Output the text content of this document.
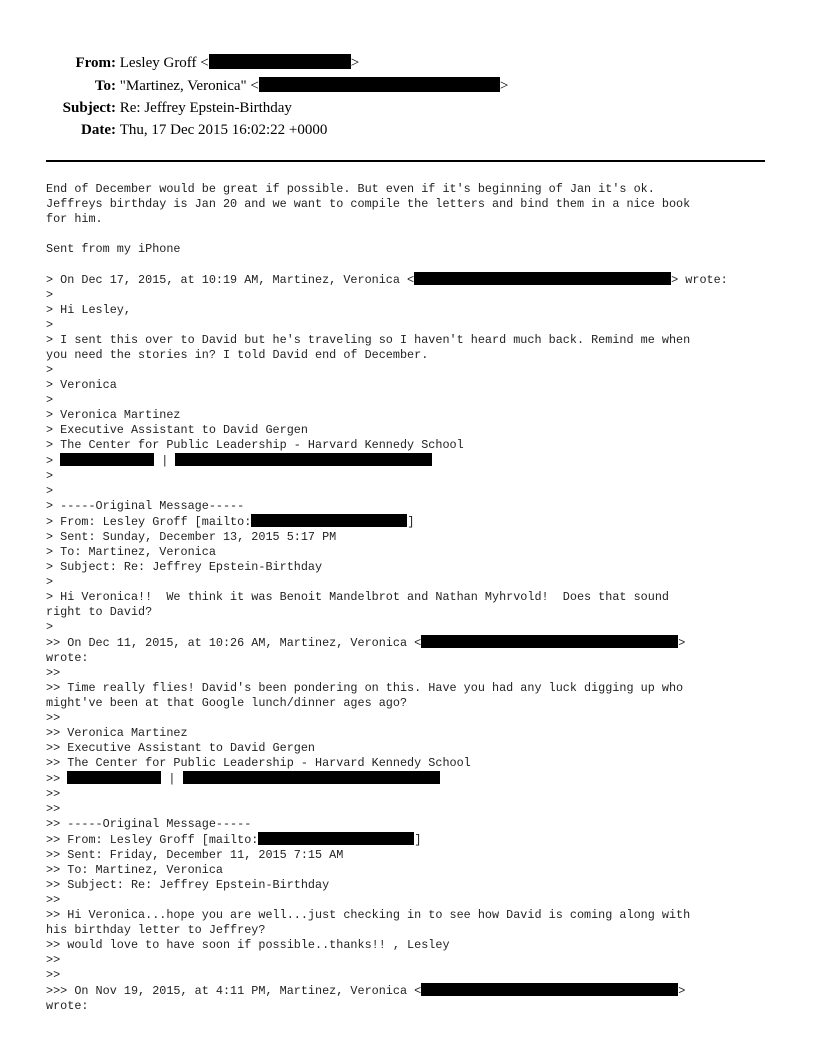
From: Lesley Groff <	>
To: "Martinez, Veronica" <	>
Subject: Re: Jeffrey Epstein-Birthday
Date: Thu, 17 Dec 2015 16:02:22 +0000
End of December would be great if possible. But even if it's beginning of Jan it's ok.
Jeffreys birthday is Jan 20 and we want to compile the letters and bind them in a nice book
for him.

Sent from my iPhone

> On Dec 17, 2015, at 10:19 AM, Martinez, Veronica <	> wrote:
>
> Hi Lesley,
>
> I sent this over to David but he's traveling so I haven't heard much back. Remind me when
you need the stories in? I told David end of December.
>
> Veronica
>
> Veronica Martinez
> Executive Assistant to David Gergen
> The Center for Public Leadership - Harvard Kennedy School
>	|
>
>
> -----Original Message-----
> From: Lesley Groff [mailto:	]
> Sent: Sunday, December 13, 2015 5:17 PM
> To: Martinez, Veronica
> Subject: Re: Jeffrey Epstein-Birthday
>
> Hi Veronica!!  We think it was Benoit Mandelbrot and Nathan Myhrvold!  Does that sound
right to David?
>
>> On Dec 11, 2015, at 10:26 AM, Martinez, Veronica <	>
wrote:
>>
>> Time really flies! David's been pondering on this. Have you had any luck digging up who
might've been at that Google lunch/dinner ages ago?
>>
>> Veronica Martinez
>> Executive Assistant to David Gergen
>> The Center for Public Leadership - Harvard Kennedy School
>>	|
>>
>>
>> -----Original Message-----
>> From: Lesley Groff [mailto:	]
>> Sent: Friday, December 11, 2015 7:15 AM
>> To: Martinez, Veronica
>> Subject: Re: Jeffrey Epstein-Birthday
>>
>> Hi Veronica...hope you are well...just checking in to see how David is coming along with
his birthday letter to Jeffrey?
>> would love to have soon if possible..thanks!! , Lesley
>>
>>
>>> On Nov 19, 2015, at 4:11 PM, Martinez, Veronica <	>
wrote:
